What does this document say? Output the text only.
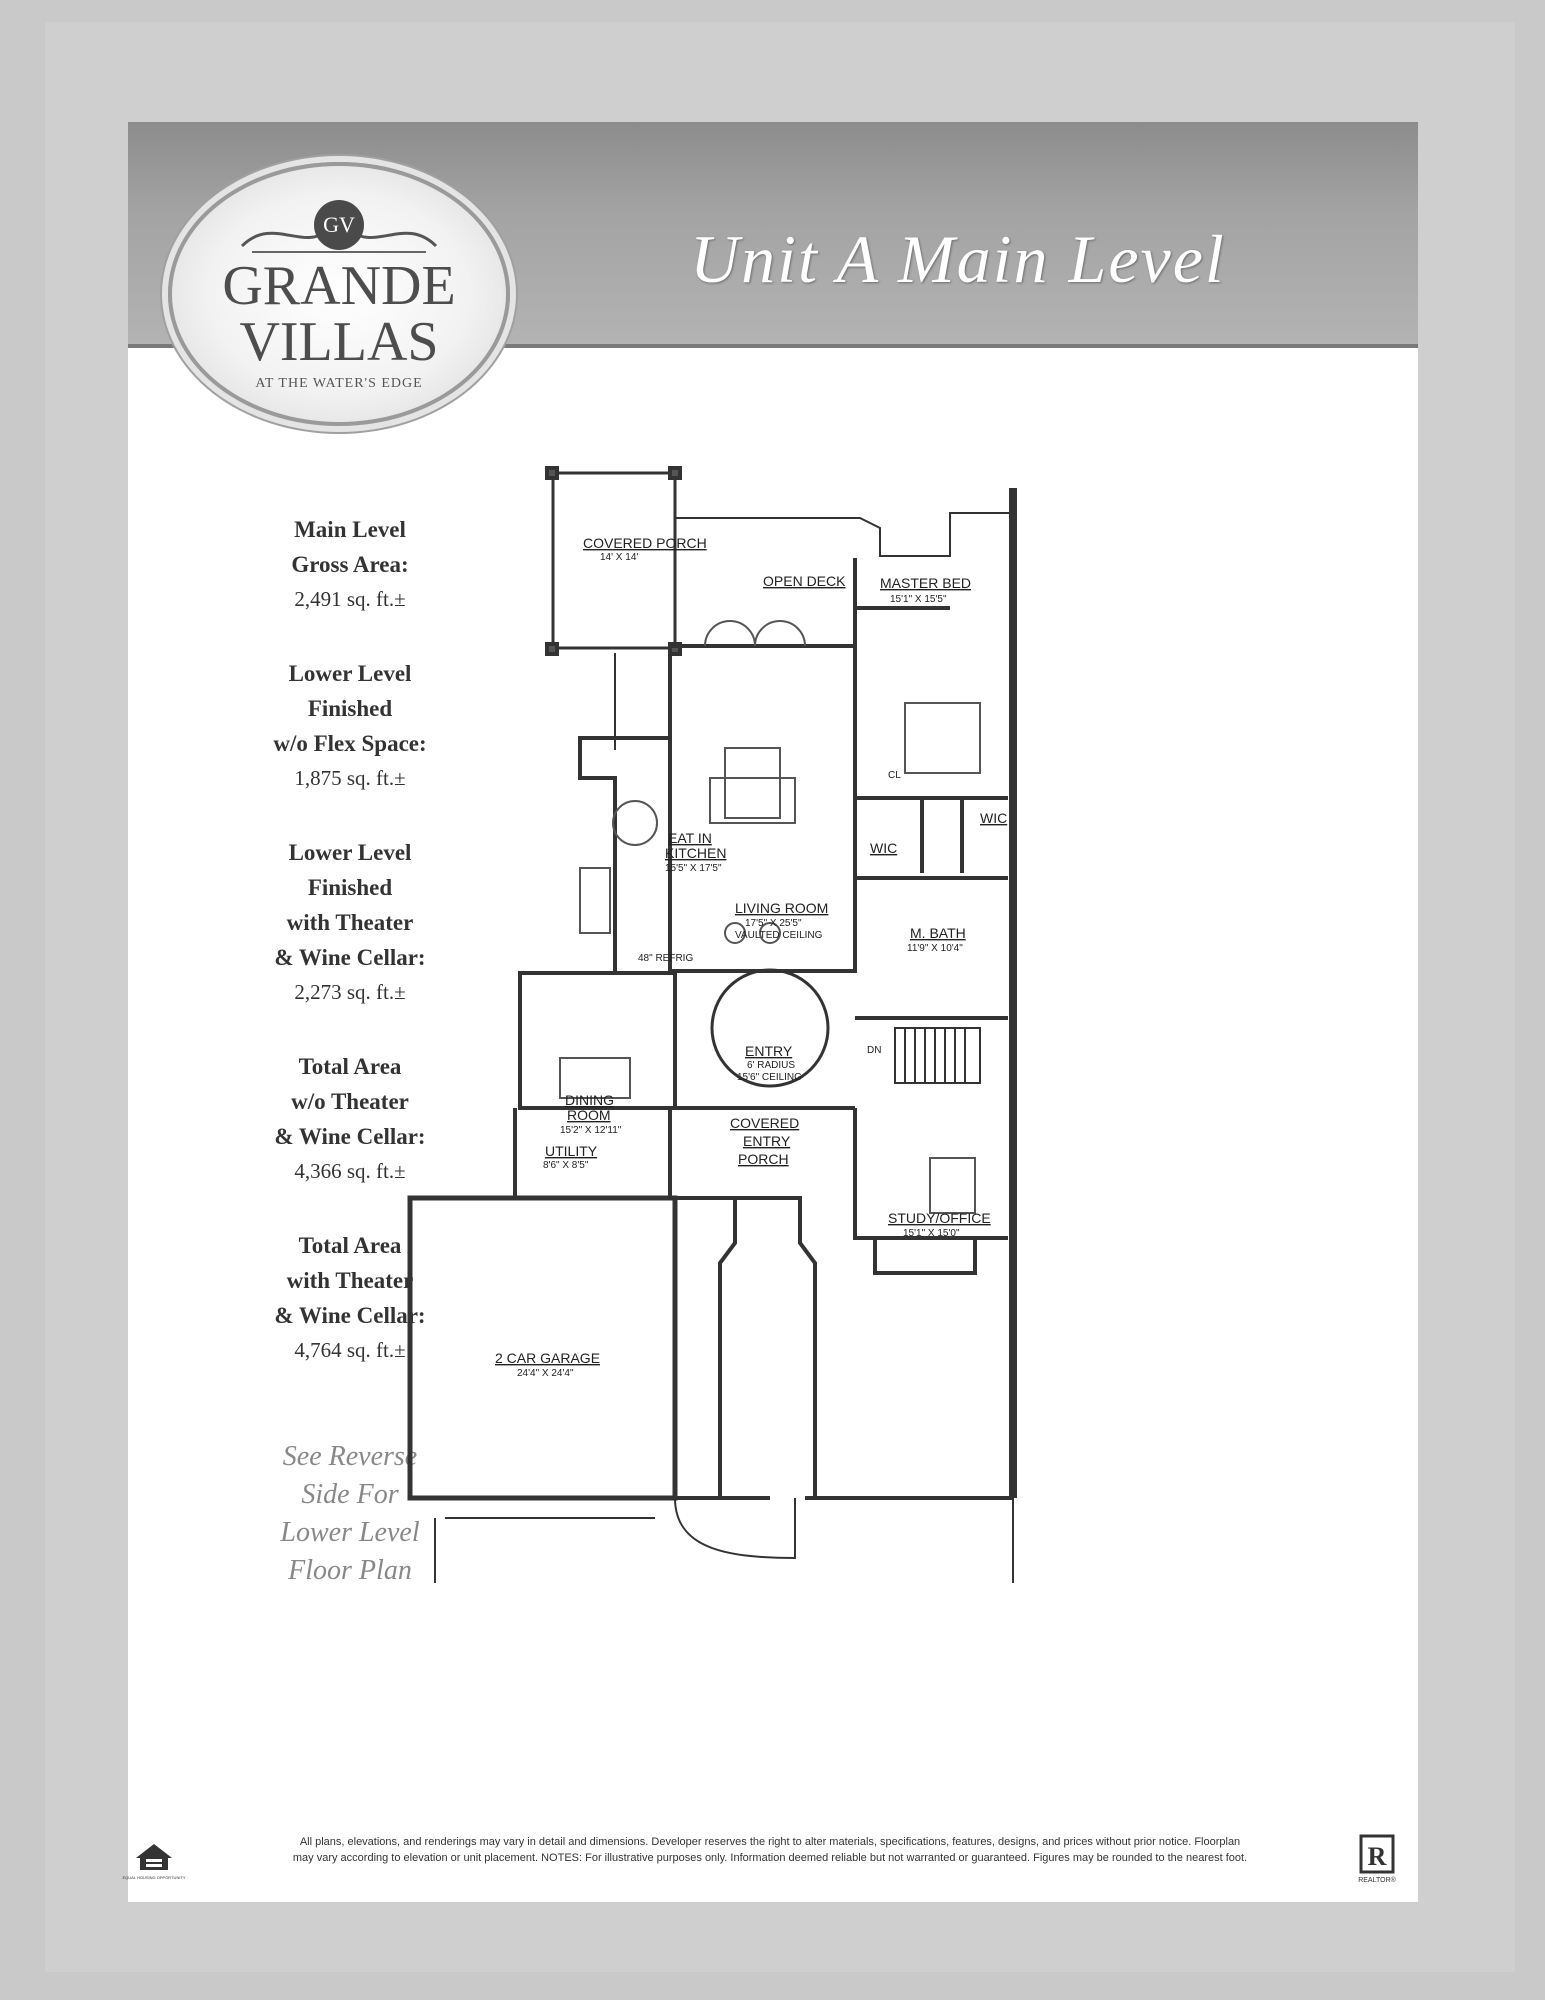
Unit A Main Level
GV
GRANDE
VILLAS
AT THE WATER'S EDGE
Main Level
Gross Area:
2,491 sq. ft.±
Lower Level
Finished
w/o Flex Space:
1,875 sq. ft.±
Lower Level
Finished
with Theater
& Wine Cellar:
2,273 sq. ft.±
Total Area
w/o Theater
& Wine Cellar:
4,366 sq. ft.±
Total Area
with Theater
& Wine Cellar:
4,764 sq. ft.±
See Reverse
Side For
Lower Level
Floor Plan
COVERED PORCH
14' X 14'
OPEN DECK MASTER BED
15'1" X 15'5"
EAT IN
KITCHEN
15'5" X 17'5"
LIVING ROOM
17'5" X 25'5"
VAULTED CEILING
48" REFRIG
CL
WIC
WIC
M. BATH
11'9" X 10'4"
DN
ENTRY
6' RADIUS
15'6" CEILING
DINING
ROOM
15'2" X 12'11"
UTILITY
8'6" X 8'5"
COVERED
ENTRY
PORCH
STUDY/OFFICE
15'1" X 15'0"
2 CAR GARAGE
24'4" X 24'4"
EQUAL HOUSING OPPORTUNITY
All plans, elevations, and renderings may vary in detail and dimensions. Developer reserves the right to alter materials, specifications, features, designs, and prices without prior notice. Floorplan
may vary according to elevation or unit placement. NOTES: For illustrative purposes only. Information deemed reliable but not warranted or guaranteed. Figures may be rounded to the nearest foot.	R
REALTOR®
